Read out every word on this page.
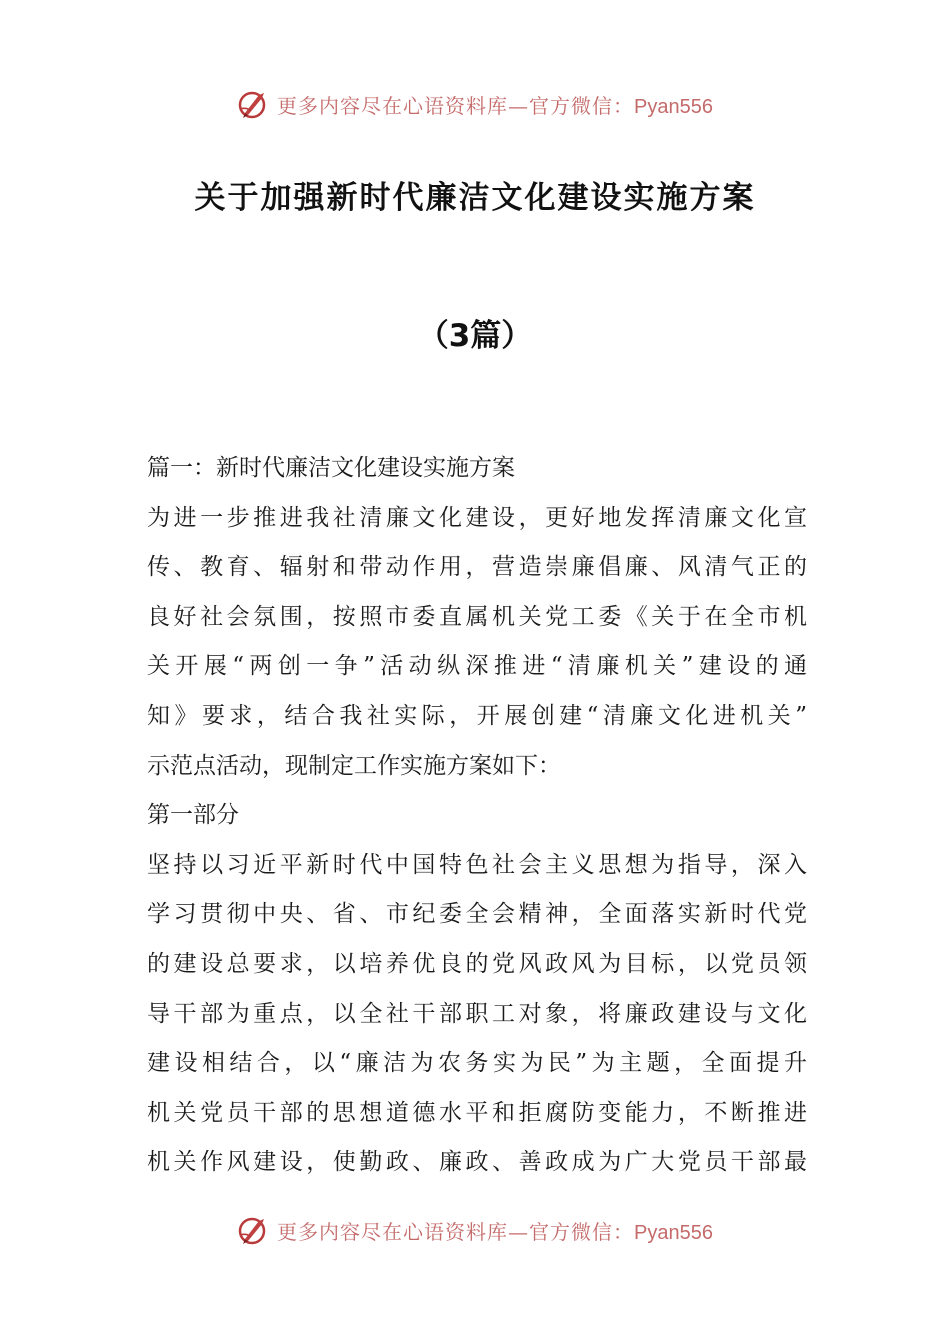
更多内容尽在心语资料库—官方微信：Pyan556
关于加强新时代廉洁文化建设实施方案
（3篇）
篇一：新时代廉洁文化建设实施方案
为进一步推进我社清廉文化建设，更好地发挥清廉文化宣
传、教育、辐射和带动作用，营造崇廉倡廉、风清气正的
良好社会氛围，按照市委直属机关党工委《关于在全市机
关开展“两创一争”活动纵深推进“清廉机关”建设的通
知》要求，结合我社实际，开展创建“清廉文化进机关”
示范点活动，现制定工作实施方案如下：
第一部分
坚持以习近平新时代中国特色社会主义思想为指导，深入
学习贯彻中央、省、市纪委全会精神，全面落实新时代党
的建设总要求，以培养优良的党风政风为目标，以党员领
导干部为重点，以全社干部职工对象，将廉政建设与文化
建设相结合，以“廉洁为农务实为民”为主题，全面提升
机关党员干部的思想道德水平和拒腐防变能力，不断推进
机关作风建设，使勤政、廉政、善政成为广大党员干部最
更多内容尽在心语资料库—官方微信：Pyan556
